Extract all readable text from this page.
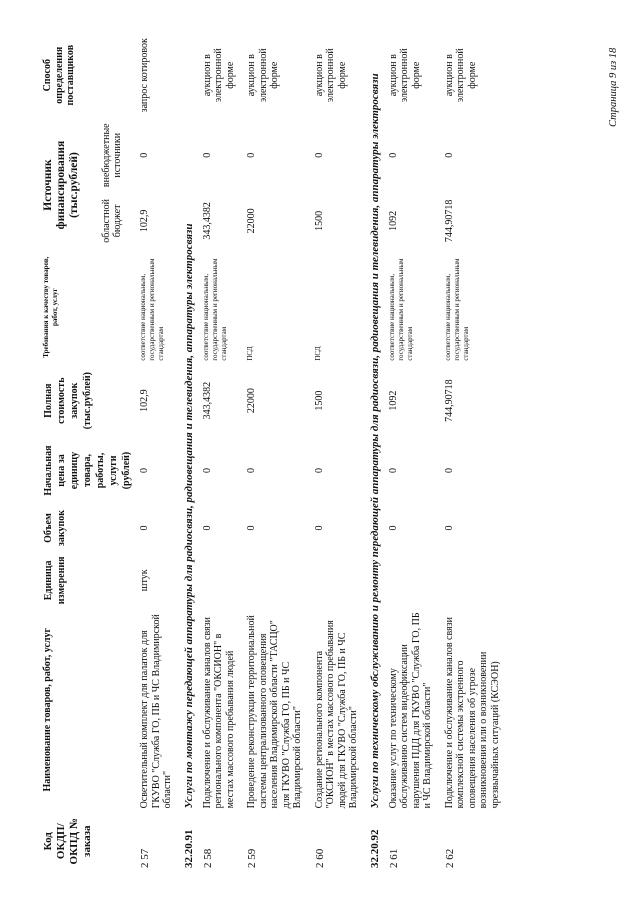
Код ОКДП/ ОКПД № заказа	Наименование товаров, работ, услуг	Единица измерения	Объем закупок	Начальная цена за единицу товара, работы, услуги (рублей)	Полная стоимость закупок (тыс.рублей)	Требования к качеству товаров, работ, услуг	Источник финансирования (тыс.рублей)		Способ определения поставщиков
							областной бюджет	внебюджетные источники	
2 57	Осветительный комплект для палаток для ГКУВО "Служба ГО, ПБ и ЧС Владимирской области"	штук	0	0	102,9	соответствие национальным, государственным и региональным стандартам	102,9	0	запрос котировок
32.20.91	Услуги по монтажу передающей аппаратуры для радиосвязи, радиовещания и телевидения, аппаратуры электросвязи								
2 58	Подключение и обслуживание каналов связи регионального компонента "ОКСИОН" в местах массового пребывания людей		0	0	343,4382	соответствие национальным, государственным и региональным стандартам	343,4382	0	аукцион в электронной форме
2 59	Проведение реконструкции территориальной системы централизованного оповещения населения Владимирской области "ТАСЦО" для ГКУВО "Служба ГО, ПБ и ЧС Владимирской области"		0	0	22000	ПСД	22000	0	аукцион в электронной форме
2 60	Создание регионального компонента "ОКСИОН" в местах массового пребывания людей для ГКУВО "Служба ГО, ПБ и ЧС Владимирской области"		0	0	1500	ПСД	1500	0	аукцион в электронной форме
32.20.92	Услуги по техническому обслуживанию и ремонту передающей аппаратуры для радиосвязи, радиовещания и телевидения, аппаратуры электросвязи								
2 61	Оказание услуг по техническому обслуживанию систем видеофиксации нарушения ПДД для ГКУВО "Служба ГО, ПБ и ЧС Владимирской области"		0	0	1092	соответствие национальным, государственным и региональным стандартам	1092	0	аукцион в электронной форме
2 62	Подключение и обслуживание каналов связи комплексной системы экстренного оповещения населения об угрозе возникновения или о возникновении чрезвычайных ситуаций (КСЭОН)		0	0	744,90718	соответствие национальным, государственным и региональным стандартам	744,90718	0	аукцион в электронной форме	Страница 9 из 18
